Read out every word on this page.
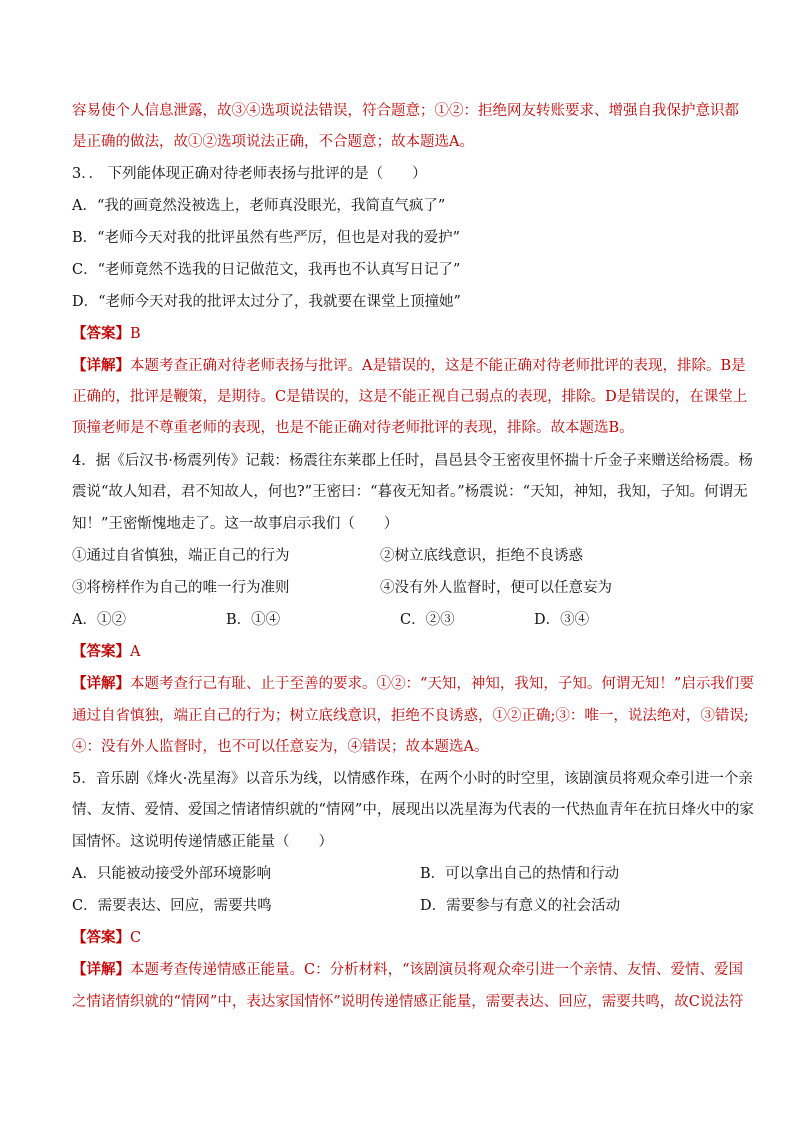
容易使个人信息泄露，故③④选项说法错误，符合题意；①②：拒绝网友转账要求、增强自我保护意识都
是正确的做法，故①②选项说法正确，不合题意；故本题选A。
3．． 下列能体现正确对待老师表扬与批评的是（　　）
A．“我的画竟然没被选上，老师真没眼光，我简直气疯了”
B．“老师今天对我的批评虽然有些严厉，但也是对我的爱护”
C．“老师竟然不选我的日记做范文，我再也不认真写日记了”
D．“老师今天对我的批评太过分了，我就要在课堂上顶撞她”
【答案】B
【详解】本题考查正确对待老师表扬与批评。A是错误的，这是不能正确对待老师批评的表现，排除。B是
正确的，批评是鞭策，是期待。C是错误的，这是不能正视自己弱点的表现，排除。D是错误的，在课堂上
顶撞老师是不尊重老师的表现，也是不能正确对待老师批评的表现，排除。故本题选B。
4．据《后汉书·杨震列传》记载：杨震往东莱郡上任时，昌邑县令王密夜里怀揣十斤金子来赠送给杨震。杨
震说“故人知君，君不知故人，何也?”王密曰：“暮夜无知者。”杨震说：“天知，神知，我知，子知。何谓无
知！”王密惭愧地走了。这一故事启示我们（　　）
①通过自省慎独，端正自己的行为	②树立底线意识，拒绝不良诱惑
③将榜样作为自己的唯一行为准则	④没有外人监督时，便可以任意妄为
A．①②	B．①④	C．②③	D．③④
【答案】A
【详解】本题考查行己有耻、止于至善的要求。①②：“天知，神知，我知，子知。何谓无知！”启示我们要
通过自省慎独，端正自己的行为；树立底线意识，拒绝不良诱惑，①②正确;③：唯一，说法绝对，③错误;
④：没有外人监督时，也不可以任意妄为，④错误；故本题选A。
5．音乐剧《烽火·冼星海》以音乐为线，以情感作珠，在两个小时的时空里，该剧演员将观众牵引进一个亲
情、友情、爱情、爱国之情诸情织就的“情网”中，展现出以冼星海为代表的一代热血青年在抗日烽火中的家
国情怀。这说明传递情感正能量（　　）
A．只能被动接受外部环境影响	B．可以拿出自己的热情和行动
C．需要表达、回应，需要共鸣	D．需要参与有意义的社会活动
【答案】C
【详解】本题考查传递情感正能量。C：分析材料，“该剧演员将观众牵引进一个亲情、友情、爱情、爱国
之情诸情织就的“情网”中，表达家国情怀”说明传递情感正能量，需要表达、回应，需要共鸣，故C说法符
